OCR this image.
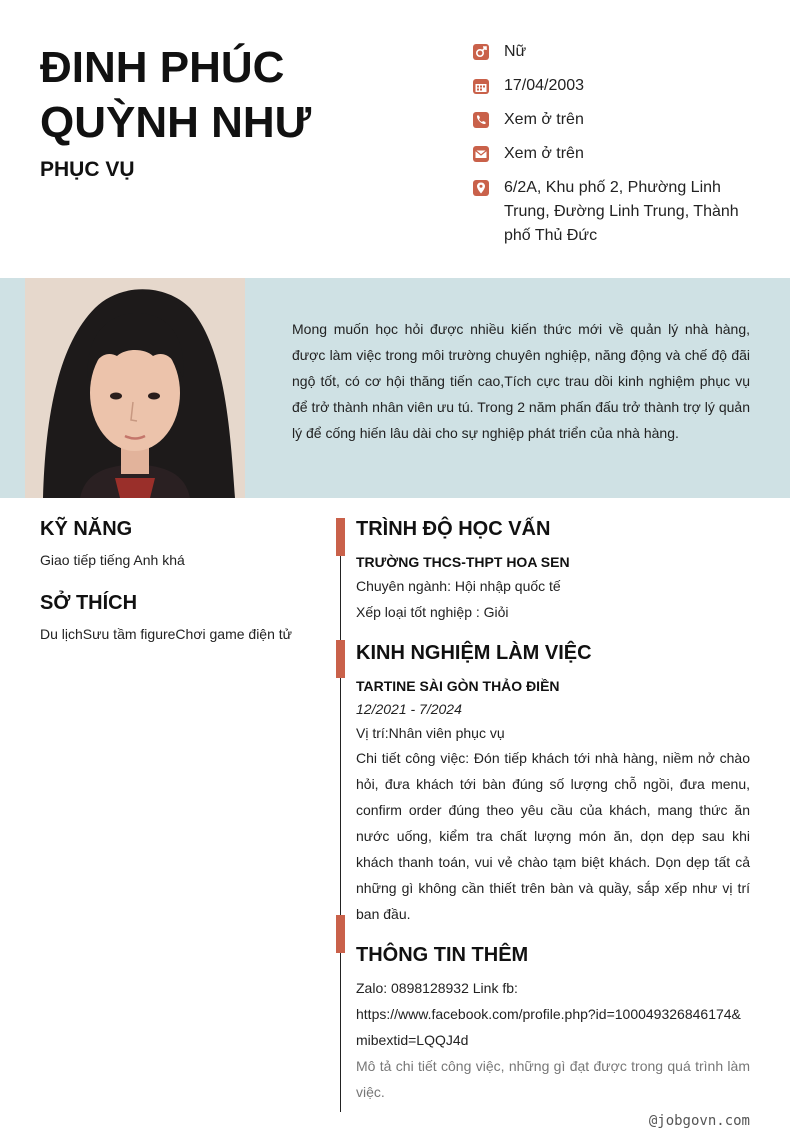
ĐINH PHÚC
QUỲNH NHƯ
PHỤC VỤ
Nữ
17/04/2003
Xem ở trên
Xem ở trên
6/2A, Khu phố 2, Phường Linh Trung, Đường Linh Trung, Thành phố Thủ Đức
Mong muốn học hỏi được nhiều kiến thức mới về quản lý nhà hàng, được làm việc trong môi trường chuyên nghiệp, năng động và chế độ đãi ngộ tốt, có cơ hội thăng tiến cao,Tích cực trau dồi kinh nghiệm phục vụ để trở thành nhân viên ưu tú. Trong 2 năm phấn đấu trở thành trợ lý quản lý để cống hiến lâu dài cho sự nghiệp phát triển của nhà hàng.
KỸ NĂNG
Giao tiếp tiếng Anh khá
SỞ THÍCH
Du lịchSưu tầm figureChơi game điện tử
TRÌNH ĐỘ HỌC VẤN
TRƯỜNG THCS-THPT HOA SEN
Chuyên ngành: Hội nhập quốc tế
Xếp loại tốt nghiệp : Giỏi
KINH NGHIỆM LÀM VIỆC
TARTINE SÀI GÒN THẢO ĐIỀN
12/2021 - 7/2024
Vị trí:Nhân viên phục vụ
Chi tiết công việc: Đón tiếp khách tới nhà hàng, niềm nở chào hỏi, đưa khách tới bàn đúng số lượng chỗ ngồi, đưa menu, confirm order đúng theo yêu cầu của khách, mang thức ăn nước uống, kiểm tra chất lượng món ăn, dọn dẹp sau khi khách thanh toán, vui vẻ chào tạm biệt khách. Dọn dẹp tất cả những gì không cần thiết trên bàn và quầy, sắp xếp như vị trí ban đầu.
THÔNG TIN THÊM
Zalo: 0898128932 Link fb:
https://www.facebook.com/profile.php?id=100049326846174&mibextid=LQQJ4d
Mô tả chi tiết công việc, những gì đạt được trong quá trình làm việc.
@jobgovn.com
